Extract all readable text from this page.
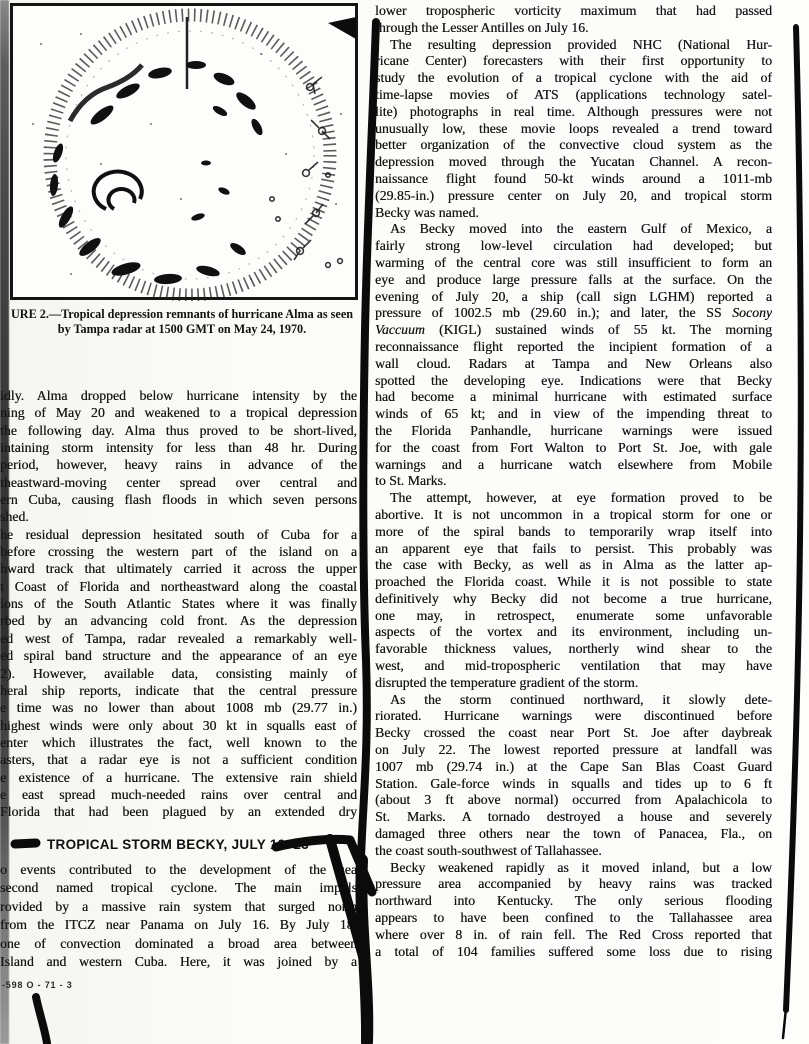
URE 2.—Tropical depression remnants of hurricane Alma as seen
by Tampa radar at 1500 GMT on May 24, 1970.
idly. Alma dropped below hurricane intensity by the
ning of May 20 and weakened to a tropical depression
the following day. Alma thus proved to be short-lived,
intaining storm intensity for less than 48 hr. During
period, however, heavy rains in advance of the
theastward-moving center spread over central and
ern Cuba, causing flash floods in which seven persons
shed.
he residual depression hesitated south of Cuba for a
before crossing the western part of the island on a
hward track that ultimately carried it across the upper
t Coast of Florida and northeastward along the coastal
ions of the South Atlantic States where it was finally
rbed by an advancing cold front. As the depression
ed west of Tampa, radar revealed a remarkably well-
ed spiral band structure and the appearance of an eye
2). However, available data, consisting mainly of
heral ship reports, indicate that the central pressure
e time was no lower than about 1008 mb (29.77 in.)
highest winds were only about 30 kt in squalls east of
enter which illustrates the fact, well known to the
asters, that a radar eye is not a sufficient condition
e existence of a hurricane. The extensive rain shield
e east spread much-needed rains over central and
Florida that had been plagued by an extended dry
TROPICAL STORM BECKY, JULY 19–23
o events contributed to the development of the sea
second named tropical cyclone. The main impuls
rovided by a massive rain system that surged north
from the ITCZ near Panama on July 16. By July 18,
one of convection dominated a broad area between
Island and western Cuba. Here, it was joined by a
-598 O - 71 - 3
lower tropospheric vorticity maximum that had passed
through the Lesser Antilles on July 16.
The resulting depression provided NHC (National Hur-
ricane Center) forecasters with their first opportunity to
study the evolution of a tropical cyclone with the aid of
time-lapse movies of ATS (applications technology satel-
lite) photographs in real time. Although pressures were not
unusually low, these movie loops revealed a trend toward
better organization of the convective cloud system as the
depression moved through the Yucatan Channel. A recon-
naissance flight found 50-kt winds around a 1011-mb
(29.85-in.) pressure center on July 20, and tropical storm
Becky was named.
As Becky moved into the eastern Gulf of Mexico, a
fairly strong low-level circulation had developed; but
warming of the central core was still insufficient to form an
eye and produce large pressure falls at the surface. On the
evening of July 20, a ship (call sign LGHM) reported a
pressure of 1002.5 mb (29.60 in.); and later, the SS Socony
Vaccuum (KIGL) sustained winds of 55 kt. The morning
reconnaissance flight reported the incipient formation of a
wall cloud. Radars at Tampa and New Orleans also
spotted the developing eye. Indications were that Becky
had become a minimal hurricane with estimated surface
winds of 65 kt; and in view of the impending threat to
the Florida Panhandle, hurricane warnings were issued
for the coast from Fort Walton to Port St. Joe, with gale
warnings and a hurricane watch elsewhere from Mobile
to St. Marks.
The attempt, however, at eye formation proved to be
abortive. It is not uncommon in a tropical storm for one or
more of the spiral bands to temporarily wrap itself into
an apparent eye that fails to persist. This probably was
the case with Becky, as well as in Alma as the latter ap-
proached the Florida coast. While it is not possible to state
definitively why Becky did not become a true hurricane,
one may, in retrospect, enumerate some unfavorable
aspects of the vortex and its environment, including un-
favorable thickness values, northerly wind shear to the
west, and mid-tropospheric ventilation that may have
disrupted the temperature gradient of the storm.
As the storm continued northward, it slowly dete-
riorated. Hurricane warnings were discontinued before
Becky crossed the coast near Port St. Joe after daybreak
on July 22. The lowest reported pressure at landfall was
1007 mb (29.74 in.) at the Cape San Blas Coast Guard
Station. Gale-force winds in squalls and tides up to 6 ft
(about 3 ft above normal) occurred from Apalachicola to
St. Marks. A tornado destroyed a house and severely
damaged three others near the town of Panacea, Fla., on
the coast south-southwest of Tallahassee.
Becky weakened rapidly as it moved inland, but a low
pressure area accompanied by heavy rains was tracked
northward into Kentucky. The only serious flooding
appears to have been confined to the Tallahassee area
where over 8 in. of rain fell. The Red Cross reported that
a total of 104 families suffered some loss due to rising
